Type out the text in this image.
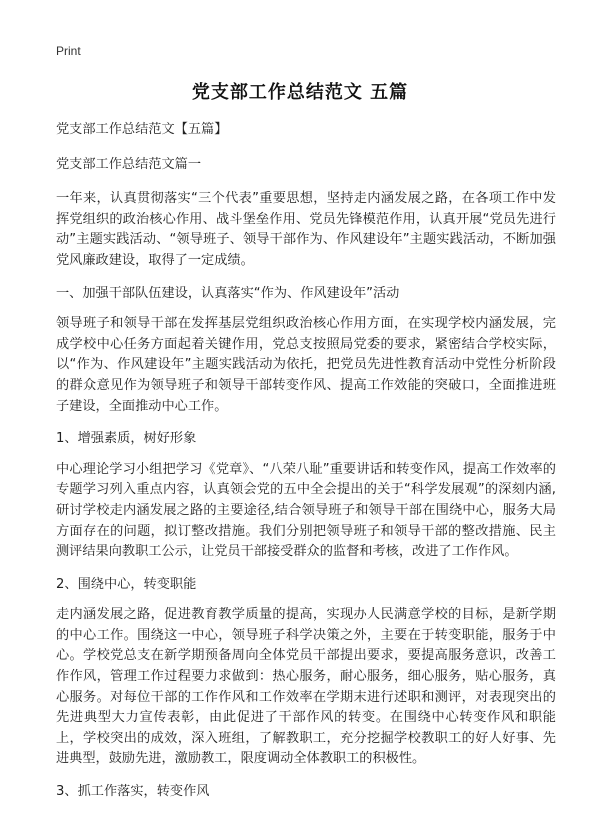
Print
党支部工作总结范文 五篇

党支部工作总结范文【五篇】

党支部工作总结范文篇一

一年来，认真贯彻落实“三个代表”重要思想，坚持走内涵发展之路，在各项工作中发挥党组织的政治核心作用、战斗堡垒作用、党员先锋模范作用，认真开展“党员先进行动”主题实践活动、“领导班子、领导干部作为、作风建设年”主题实践活动，不断加强党风廉政建设，取得了一定成绩。

一、加强干部队伍建设，认真落实“作为、作风建设年”活动

领导班子和领导干部在发挥基层党组织政治核心作用方面，在实现学校内涵发展，完成学校中心任务方面起着关键作用，党总支按照局党委的要求，紧密结合学校实际，以“作为、作风建设年”主题实践活动为依托，把党员先进性教育活动中党性分析阶段的群众意见作为领导班子和领导干部转变作风、提高工作效能的突破口，全面推进班子建设，全面推动中心工作。

1、增强素质，树好形象

中心理论学习小组把学习《党章》、“八荣八耻”重要讲话和转变作风，提高工作效率的专题学习列入重点内容，认真领会党的五中全会提出的关于“科学发展观”的深刻内涵,研讨学校走内涵发展之路的主要途径,结合领导班子和领导干部在围绕中心，服务大局方面存在的问题，拟订整改措施。我们分别把领导班子和领导干部的整改措施、民主测评结果向教职工公示，让党员干部接受群众的监督和考核，改进了工作作风。

2、围绕中心，转变职能

走内涵发展之路，促进教育教学质量的提高，实现办人民满意学校的目标，是新学期的中心工作。围绕这一中心，领导班子科学决策之外，主要在于转变职能，服务于中心。学校党总支在新学期预备周向全体党员干部提出要求，要提高服务意识，改善工作作风，管理工作过程要力求做到：热心服务，耐心服务，细心服务，贴心服务，真心服务。对每位干部的工作作风和工作效率在学期末进行述职和测评，对表现突出的先进典型大力宣传表彰，由此促进了干部作风的转变。在围绕中心转变作风和职能上，学校突出的成效，深入班组，了解教职工，充分挖掘学校教职工的好人好事、先进典型，鼓励先进，激励教工，限度调动全体教职工的积极性。

3、抓工作落实，转变作风
